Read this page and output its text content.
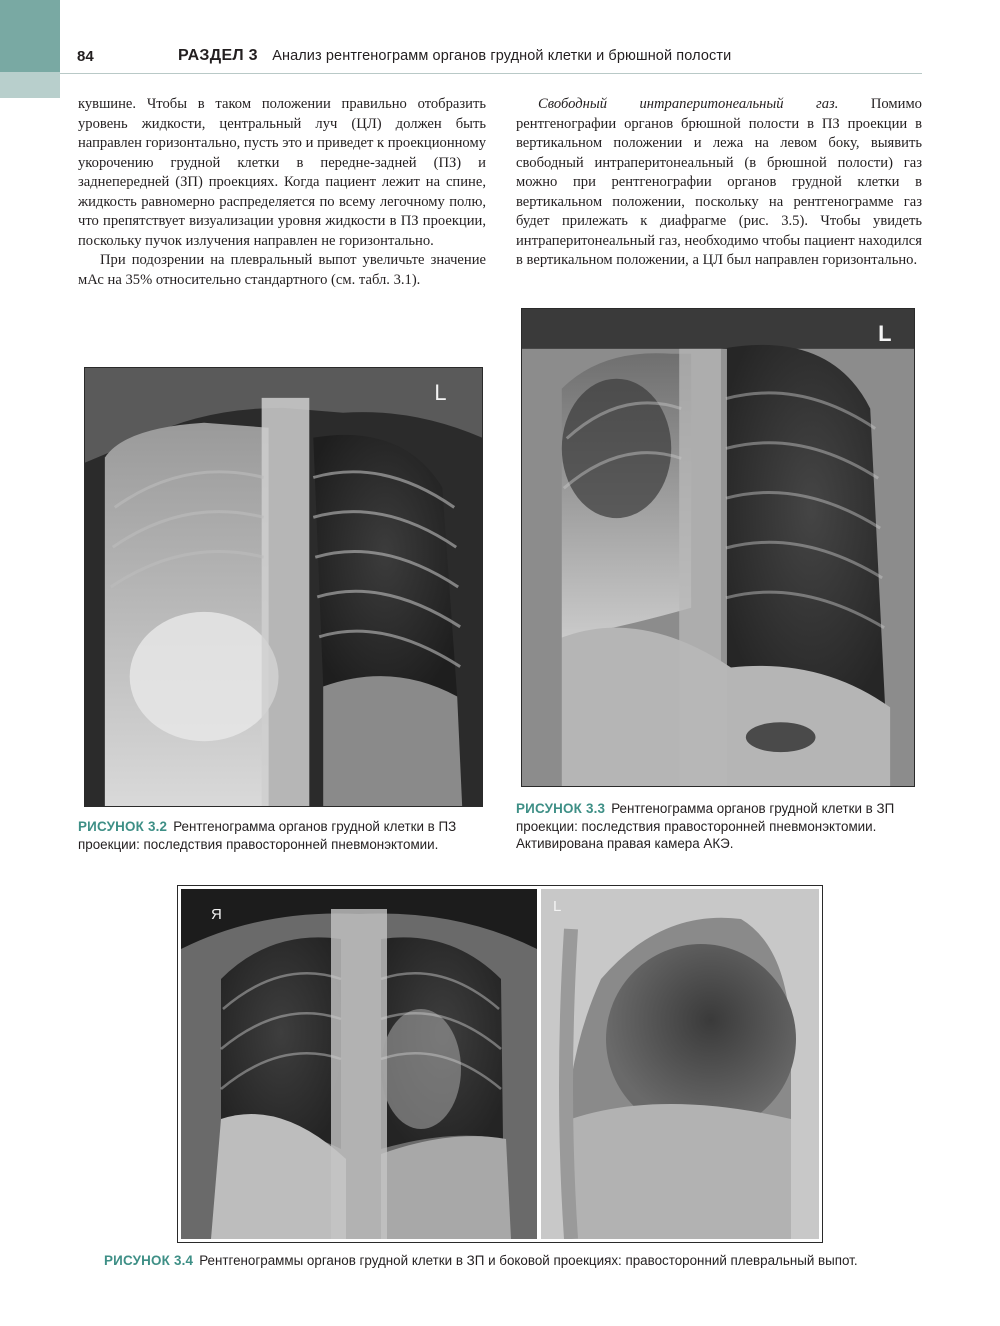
84	РАЗДЕЛ 3 Анализ рентгенограмм органов грудной клетки и брюшной полости

кувшине. Чтобы в таком положении правильно отобразить уровень жидкости, центральный луч (ЦЛ) должен быть направлен горизонтально, пусть это и приведет к проекционному укорочению грудной клетки в передне-задней (ПЗ) и заднепередней (ЗП) проекциях. Когда пациент лежит на спине, жидкость равномерно распределяется по всему легочному полю, что препятствует визуализации уровня жидкости в ПЗ проекции, поскольку пучок излучения направлен не горизонтально.

При подозрении на плевральный выпот увеличьте значение мАс на 35% относительно стандартного (см. табл. 3.1).

Свободный интраперитонеальный газ. Помимо рентгенографии органов брюшной полости в ПЗ проекции в вертикальном положении и лежа на левом боку, выявить свободный интраперитонеальный (в брюшной полости) газ можно при рентгенографии органов грудной клетки в вертикальном положении, поскольку на рентгенограмме газ будет прилежать к диафрагме (рис. 3.5). Чтобы увидеть интраперитонеальный газ, необходимо чтобы пациент находился в вертикальном положении, а ЦЛ был направлен горизонтально.

L
РИСУНОК 3.2 Рентгенограмма органов грудной клетки в ПЗ проекции: последствия правосторонней пневмонэктомии.
L
РИСУНОК 3.3 Рентгенограмма органов грудной клетки в ЗП проекции: последствия правосторонней пневмонэктомии. Активирована правая камера АКЭ.
Я	L
РИСУНОК 3.4 Рентгенограммы органов грудной клетки в ЗП и боковой проекциях: правосторонний плевральный выпот.
